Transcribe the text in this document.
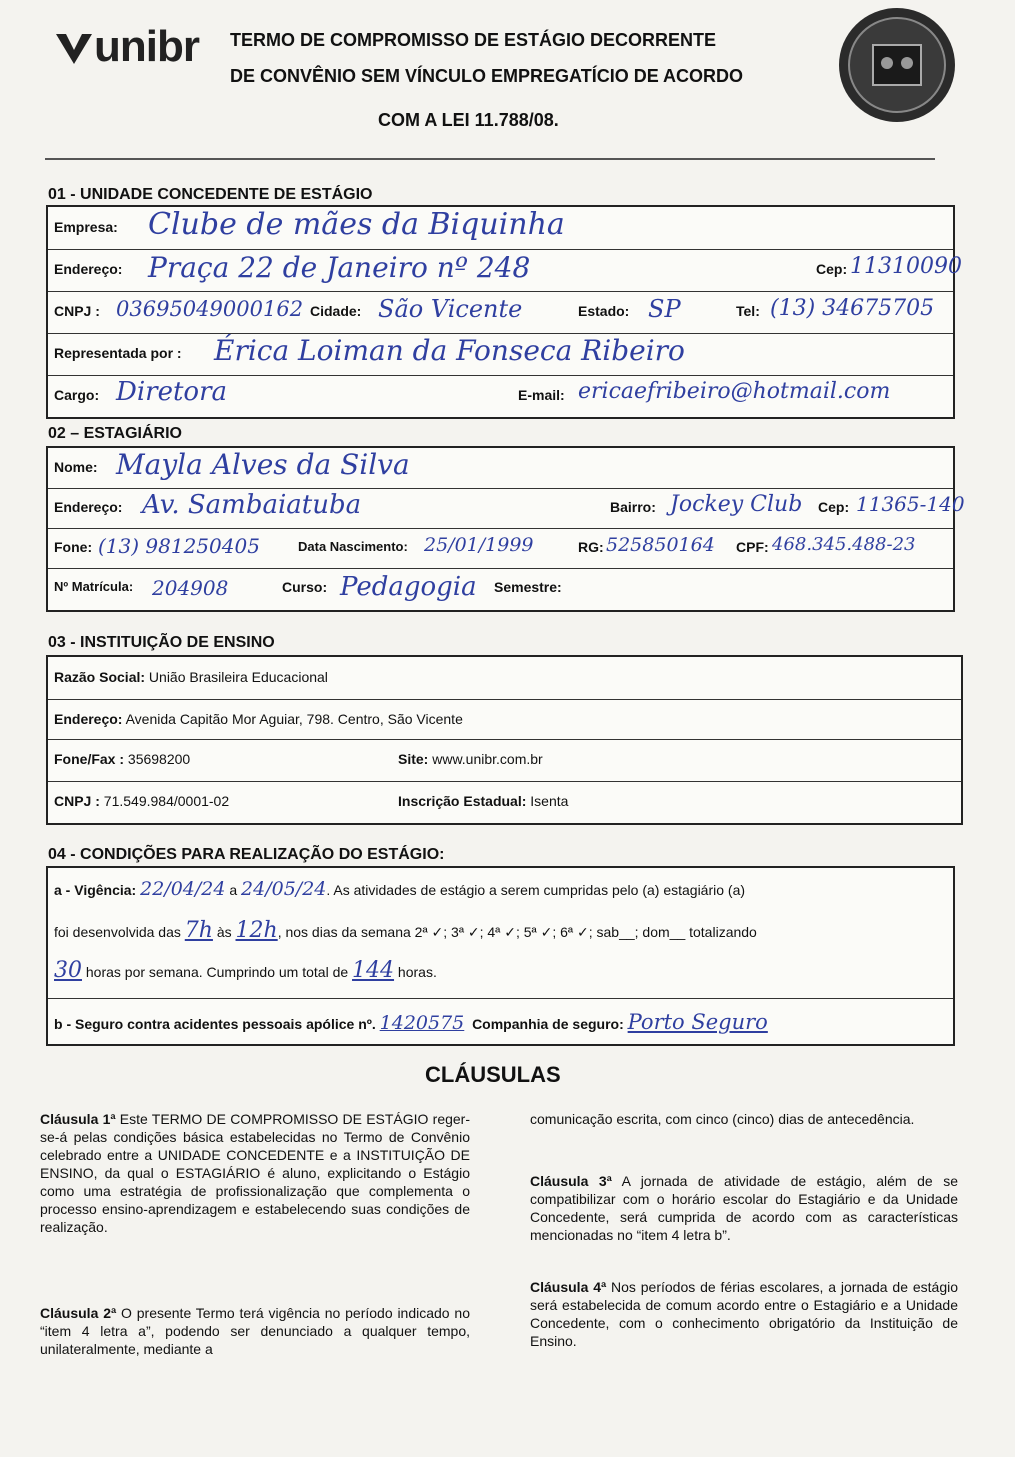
unibr TERMO DE COMPROMISSO DE ESTÁGIO DECORRENTE
DE CONVÊNIO SEM VÍNCULO EMPREGATÍCIO DE ACORDO
COM A LEI 11.788/08.
01 - UNIDADE CONCEDENTE DE ESTÁGIO
Empresa: Clube de mães da Biquinha
Endereço: Praça 22 de Janeiro nº 248	Cep: 11310090
CNPJ : 03695049000162 Cidade: São Vicente	Estado: SP	Tel: (13) 34675705
Representada por : Érica Loiman da Fonseca Ribeiro
Cargo: Diretora	E-mail: ericaefribeiro@hotmail.com
02 – ESTAGIÁRIO
Nome: Mayla Alves da Silva
Endereço: Av. Sambaiatuba	Bairro: Jockey Club Cep: 11365-140
Fone: (13) 981250405	Data Nascimento: 25/01/1999	RG: 525850164 CPF: 468.345.488-23
Nº Matrícula: 204908	Curso: Pedagogia Semestre:
03 - INSTITUIÇÃO DE ENSINO
Razão Social: União Brasileira Educacional
Endereço: Avenida Capitão Mor Aguiar, 798. Centro, São Vicente
Fone/Fax : 35698200	Site: www.unibr.com.br
CNPJ : 71.549.984/0001-02	Inscrição Estadual: Isenta
04 - CONDIÇÕES PARA REALIZAÇÃO DO ESTÁGIO:
a - Vigência: 22/04/24 a 24/05/24. As atividades de estágio a serem cumpridas pelo (a) estagiário (a)
foi desenvolvida das 7h às 12h, nos dias da semana 2ª ✓; 3ª ✓; 4ª ✓; 5ª ✓; 6ª ✓; sab__; dom__ totalizando
30 horas por semana. Cumprindo um total de 144 horas.
b - Seguro contra acidentes pessoais apólice nº. 1420575 Companhia de seguro: Porto Seguro
CLÁUSULAS
Cláusula 1ª Este TERMO DE COMPROMISSO DE ESTÁGIO reger-se-á pelas condições básica estabelecidas no Termo de Convênio celebrado entre a UNIDADE CONCEDENTE e a INSTITUIÇÃO DE ENSINO, da qual o ESTAGIÁRIO é aluno, explicitando o Estágio como uma estratégia de profissionalização que complementa o processo ensino-aprendizagem e estabelecendo suas condições de realização.
Cláusula 2ª O presente Termo terá vigência no período indicado no “item 4 letra a”, podendo ser denunciado a qualquer tempo, unilateralmente, mediante a
comunicação escrita, com cinco (cinco) dias de antecedência.
Cláusula 3ª A jornada de atividade de estágio, além de se compatibilizar com o horário escolar do Estagiário e da Unidade Concedente, será cumprida de acordo com as características mencionadas no “item 4 letra b”.
Cláusula 4ª Nos períodos de férias escolares, a jornada de estágio será estabelecida de comum acordo entre o Estagiário e a Unidade Concedente, com o conhecimento obrigatório da Instituição de Ensino.
